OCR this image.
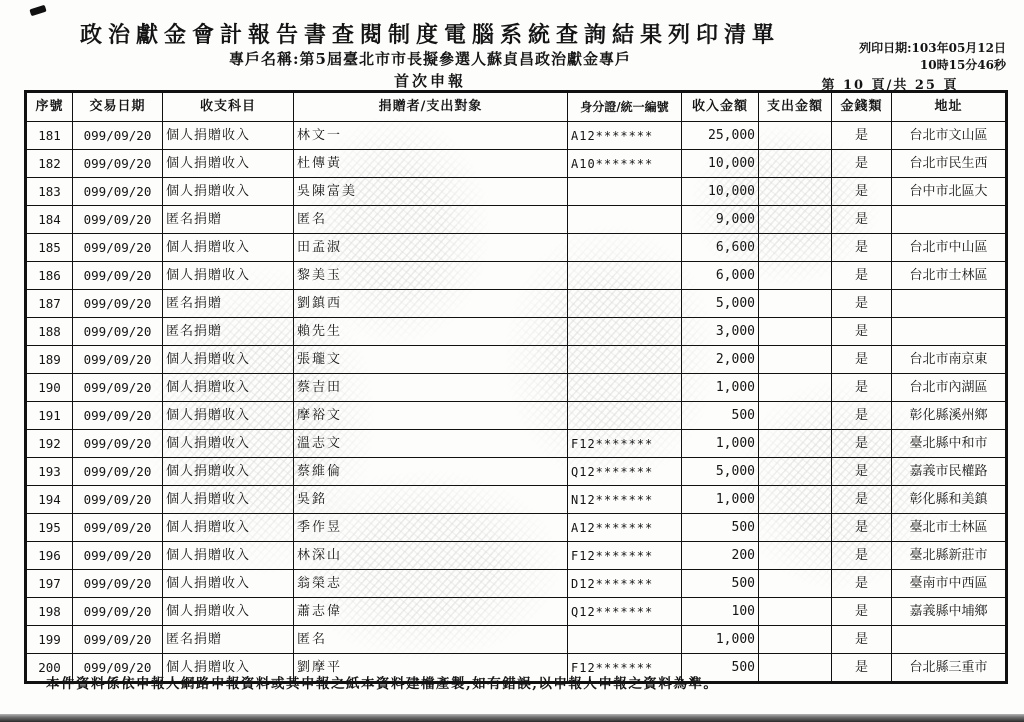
政治獻金會計報告書查閱制度電腦系統查詢結果列印清單
專戶名稱:第5屆臺北市市長擬參選人蘇貞昌政治獻金專戶
首次申報
列印日期:103年05月12日
10時15分46秒
第 10 頁/共 25 頁
序號	交易日期	收支科目	捐贈者/支出對象	身分證/統一編號	收入金額	支出金額	金錢類	地址
181	099/09/20	個人捐贈收入	林文一	A12*******	25,000		是	台北市文山區
182	099/09/20	個人捐贈收入	杜傳黃	A10*******	10,000		是	台北市民生西
183	099/09/20	個人捐贈收入	吳陳富美		10,000		是	台中市北區大
184	099/09/20	匿名捐贈	匿名		9,000		是	
185	099/09/20	個人捐贈收入	田孟淑		6,600		是	台北市中山區
186	099/09/20	個人捐贈收入	黎美玉		6,000		是	台北市士林區
187	099/09/20	匿名捐贈	劉鎮西		5,000		是	
188	099/09/20	匿名捐贈	賴先生		3,000		是	
189	099/09/20	個人捐贈收入	張瓏文		2,000		是	台北市南京東
190	099/09/20	個人捐贈收入	蔡吉田		1,000		是	台北市內湖區
191	099/09/20	個人捐贈收入	摩裕文		500		是	彰化縣溪州鄉
192	099/09/20	個人捐贈收入	溫志文	F12*******	1,000		是	臺北縣中和市
193	099/09/20	個人捐贈收入	蔡維倫	Q12*******	5,000		是	嘉義市民權路
194	099/09/20	個人捐贈收入	吳銘	N12*******	1,000		是	彰化縣和美鎮
195	099/09/20	個人捐贈收入	季作昱	A12*******	500		是	臺北市士林區
196	099/09/20	個人捐贈收入	林深山	F12*******	200		是	臺北縣新莊市
197	099/09/20	個人捐贈收入	翁榮志	D12*******	500		是	臺南市中西區
198	099/09/20	個人捐贈收入	蕭志偉	Q12*******	100		是	嘉義縣中埔鄉
199	099/09/20	匿名捐贈	匿名		1,000		是	
200	099/09/20	個人捐贈收入	劉摩平	F12*******	500		是	台北縣三重市
本件資料係依申報人網路申報資料或其申報之紙本資料建檔產製,如有錯誤,以申報人申報之資料為準。
